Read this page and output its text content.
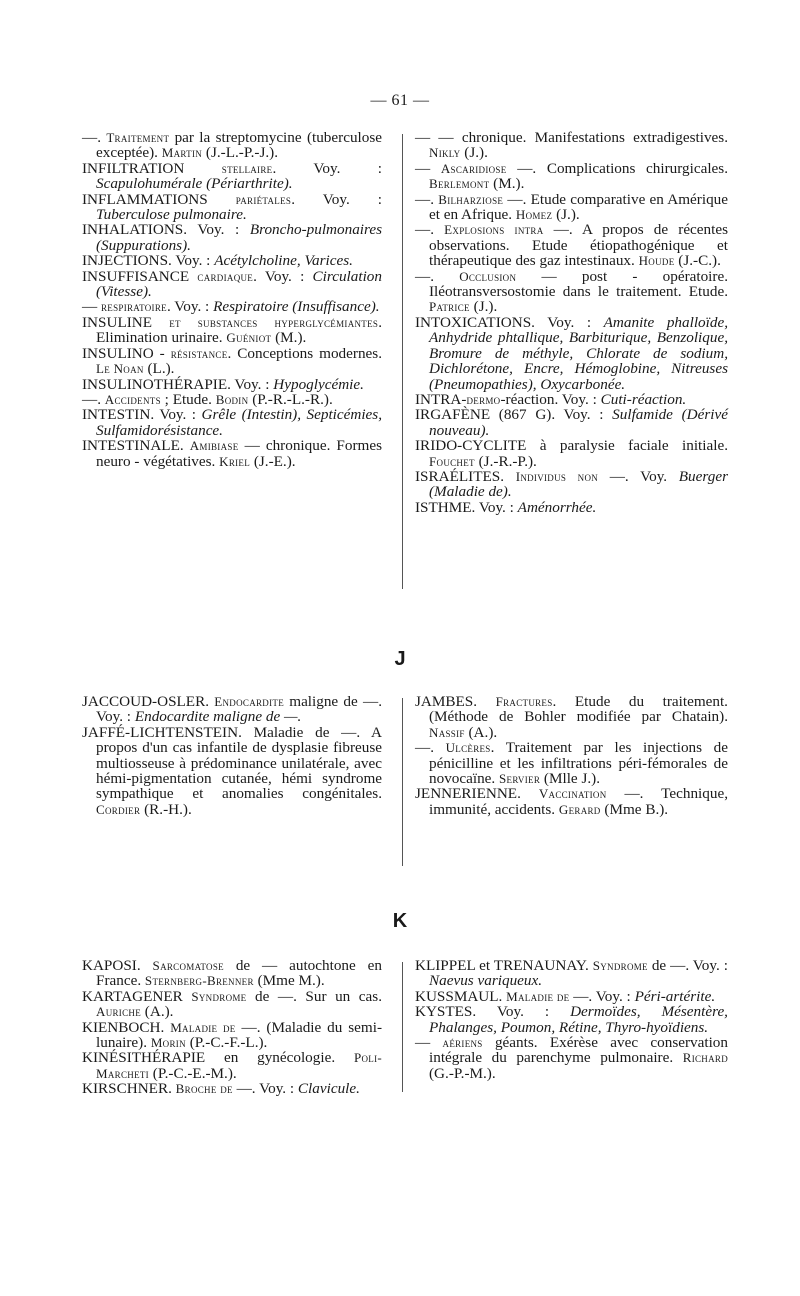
— 61 —

—. Traitement par la streptomycine (tuberculose exceptée). Martin (J.-L.-P.-J.).

INFILTRATION stellaire. Voy. : Scapulohumérale (Périarthrite).

INFLAMMATIONS pariétales. Voy. : Tuberculose pulmonaire.

INHALATIONS. Voy. : Broncho-pulmonaires (Suppurations).

INJECTIONS. Voy. : Acétylcholine, Varices.

INSUFFISANCE cardiaque. Voy. : Circulation (Vitesse).

— respiratoire. Voy. : Respiratoire (Insuffisance).

INSULINE et substances hyperglycémiantes. Elimination urinaire. Guéniot (M.).

INSULINO - résistance. Conceptions modernes. Le Noan (L.).

INSULINOTHÉRAPIE. Voy. : Hypoglycémie.

—. Accidents ; Etude. Bodin (P.-R.-L.-R.).

INTESTIN. Voy. : Grêle (Intestin), Septicémies, Sulfamidorésistance.

INTESTINALE. Amibiase — chronique. Formes neuro - végétatives. Kriel (J.-E.).

— — chronique. Manifestations extradigestives. Nikly (J.).

— Ascaridiose —. Complications chirurgicales. Berlemont (M.).

—. Bilharziose —. Etude comparative en Amérique et en Afrique. Homez (J.).

—. Explosions intra —. A propos de récentes observations. Etude étiopathogénique et thérapeutique des gaz intestinaux. Houde (J.-C.).

—. Occlusion — post - opératoire. Iléotransversostomie dans le traitement. Etude. Patrice (J.).

INTOXICATIONS. Voy. : Amanite phalloïde, Anhydride phtallique, Barbiturique, Benzolique, Bromure de méthyle, Chlorate de sodium, Dichlorétone, Encre, Hémoglobine, Nitreuses (Pneumopathies), Oxycarbonée.

INTRA-dermo-réaction. Voy. : Cuti-réaction.

IRGAFÈNE (867 G). Voy. : Sulfamide (Dérivé nouveau).

IRIDO-CYCLITE à paralysie faciale initiale. Fouchet (J.-R.-P.).

ISRAÉLITES. Individus non —. Voy. Buerger (Maladie de).

ISTHME. Voy. : Aménorrhée.

J

JACCOUD-OSLER. Endocardite maligne de —. Voy. : Endocardite maligne de —.

JAFFÉ-LICHTENSTEIN. Maladie de —. A propos d'un cas infantile de dysplasie fibreuse multiosseuse à prédominance unilatérale, avec hémi-pigmentation cutanée, hémi syndrome sympathique et anomalies congénitales. Cordier (R.-H.).

JAMBES. Fractures. Etude du traitement. (Méthode de Bohler modifiée par Chatain). Nassif (A.).

—. Ulcères. Traitement par les injections de pénicilline et les infiltrations péri-fémorales de novocaïne. Servier (Mlle J.).

JENNERIENNE. Vaccination —. Technique, immunité, accidents. Gerard (Mme B.).

K

KAPOSI. Sarcomatose de — autochtone en France. Sternberg-Brenner (Mme M.).

KARTAGENER Syndrome de —. Sur un cas. Auriche (A.).

KIENBOCH. Maladie de —. (Maladie du semi-lunaire). Morin (P.-C.-F.-L.).

KINÉSITHÉRAPIE en gynécologie. Poli-Marcheti (P.-C.-E.-M.).

KIRSCHNER. Broche de —. Voy. : Clavicule.

KLIPPEL et TRENAUNAY. Syndrome de —. Voy. : Naevus variqueux.

KUSSMAUL. Maladie de —. Voy. : Péri-artérite.

KYSTES. Voy. : Dermoïdes, Mésentère, Phalanges, Poumon, Rétine, Thyro-hyoïdiens.

— aériens géants. Exérèse avec conservation intégrale du parenchyme pulmonaire. Richard (G.-P.-M.).
